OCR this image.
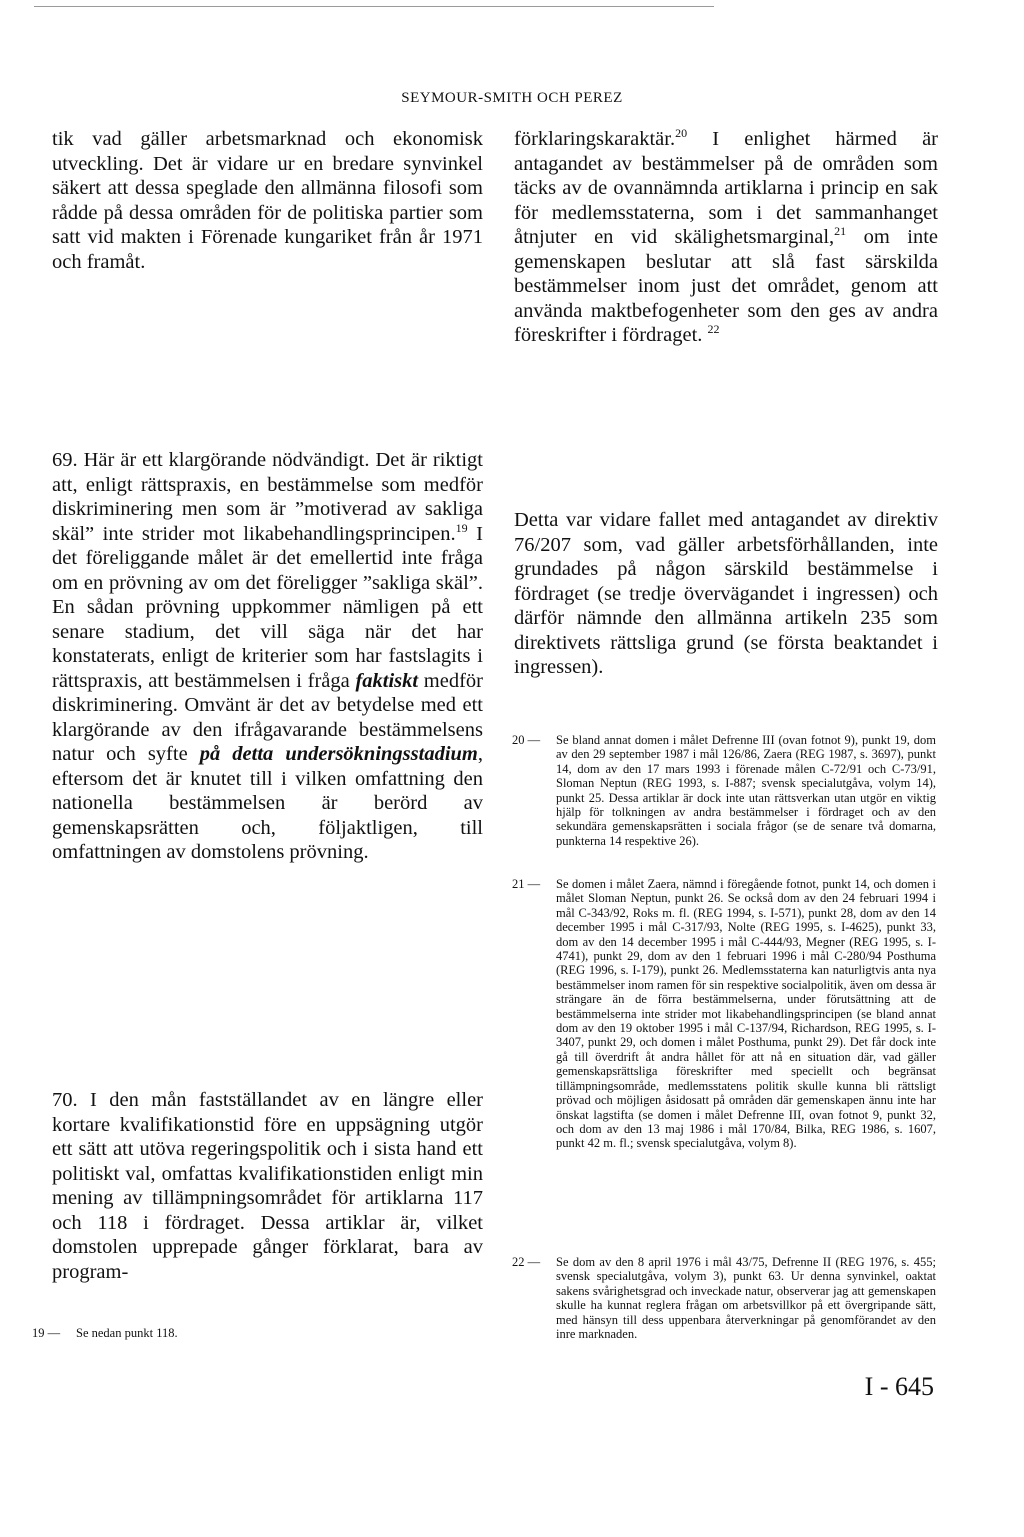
SEYMOUR-SMITH OCH PEREZ

tik vad gäller arbetsmarknad och ekonomisk utveckling. Det är vidare ur en bredare synvinkel säkert att dessa speglade den allmänna filosofi som rådde på dessa områden för de politiska partier som satt vid makten i Förenade kungariket från år 1971 och framåt.

69. Här är ett klargörande nödvändigt. Det är riktigt att, enligt rättspraxis, en bestämmelse som medför diskriminering men som är ”motiverad av sakliga skäl” inte strider mot likabehandlingsprincipen.$^{19}$ I det föreliggande målet är det emellertid inte fråga om en prövning av om det föreligger ”sakliga skäl”. En sådan prövning uppkommer nämligen på ett senare stadium, det vill säga när det har konstaterats, enligt de kriterier som har fastslagits i rättspraxis, att bestämmelsen i fråga faktiskt medför diskriminering. Omvänt är det av betydelse med ett klargörande av den ifrågavarande bestämmelsens natur och syfte på detta undersökningsstadium, eftersom det är knutet till i vilken omfattning den nationella bestämmelsen är berörd av gemenskapsrätten och, följaktligen, till omfattningen av domstolens prövning.

70. I den mån fastställandet av en längre eller kortare kvalifikationstid före en uppsägning utgör ett sätt att utöva regeringspolitik och i sista hand ett politiskt val, omfattas kvalifikationstiden enligt min mening av tillämpningsområdet för artiklarna 117 och 118 i fördraget. Dessa artiklar är, vilket domstolen upprepade gånger förklarat, bara av program-

förklaringskaraktär.$^{20}$ I enlighet härmed är antagandet av bestämmelser på de områden som täcks av de ovannämnda artiklarna i princip en sak för medlemsstaterna, som i det sammanhanget åtnjuter en vid skälighetsmarginal,$^{21}$ om inte gemenskapen beslutar att slå fast särskilda bestämmelser inom just det området, genom att använda maktbefogenheter som den ges av andra föreskrifter i fördraget. $^{22}$

Detta var vidare fallet med antagandet av direktiv 76/207 som, vad gäller arbetsförhållanden, inte grundades på någon särskild bestämmelse i fördraget (se tredje övervägandet i ingressen) och därför nämnde den allmänna artikeln 235 som direktivets rättsliga grund (se första beaktandet i ingressen).

19 —	Se nedan punkt 118.
20 —	Se bland annat domen i målet Defrenne III (ovan fotnot 9), punkt 19, dom av den 29 september 1987 i mål 126/86, Zaera (REG 1987, s. 3697), punkt 14, dom av den 17 mars 1993 i förenade målen C-72/91 och C-73/91, Sloman Neptun (REG 1993, s. I-887; svensk specialutgåva, volym 14), punkt 25. Dessa artiklar är dock inte utan rättsverkan utan utgör en viktig hjälp för tolkningen av andra bestämmelser i fördraget och av den sekundära gemenskapsrätten i sociala frågor (se de senare två domarna, punkterna 14 respektive 26).
21 —	Se domen i målet Zaera, nämnd i föregående fotnot, punkt 14, och domen i målet Sloman Neptun, punkt 26. Se också dom av den 24 februari 1994 i mål C-343/92, Roks m. fl. (REG 1994, s. I-571), punkt 28, dom av den 14 december 1995 i mål C-317/93, Nolte (REG 1995, s. I-4625), punkt 33, dom av den 14 december 1995 i mål C-444/93, Megner (REG 1995, s. I-4741), punkt 29, dom av den 1 februari 1996 i mål C-280/94 Posthuma (REG 1996, s. I-179), punkt 26. Medlemsstaterna kan naturligtvis anta nya bestämmelser inom ramen för sin respektive socialpolitik, även om dessa är strängare än de förra bestämmelserna, under förutsättning att de bestämmelserna inte strider mot likabehandlingsprincipen (se bland annat dom av den 19 oktober 1995 i mål C-137/94, Richardson, REG 1995, s. I-3407, punkt 29, och domen i målet Posthuma, punkt 29). Det får dock inte gå till överdrift åt andra hållet för att nå en situation där, vad gäller gemenskapsrättsliga föreskrifter med speciellt och begränsat tillämpningsområde, medlemsstatens politik skulle kunna bli rättsligt prövad och möjligen åsidosatt på områden där gemenskapen ännu inte har önskat lagstifta (se domen i målet Defrenne III, ovan fotnot 9, punkt 32, och dom av den 13 maj 1986 i mål 170/84, Bilka, REG 1986, s. 1607, punkt 42 m. fl.; svensk specialutgåva, volym 8).
22 —	Se dom av den 8 april 1976 i mål 43/75, Defrenne II (REG 1976, s. 455; svensk specialutgåva, volym 3), punkt 63. Ur denna synvinkel, oaktat sakens svårighetsgrad och inveckade natur, observerar jag att gemenskapen skulle ha kunnat reglera frågan om arbetsvillkor på ett övergripande sätt, med hänsyn till dess uppenbara återverkningar på genomförandet av den inre marknaden.
I - 645
